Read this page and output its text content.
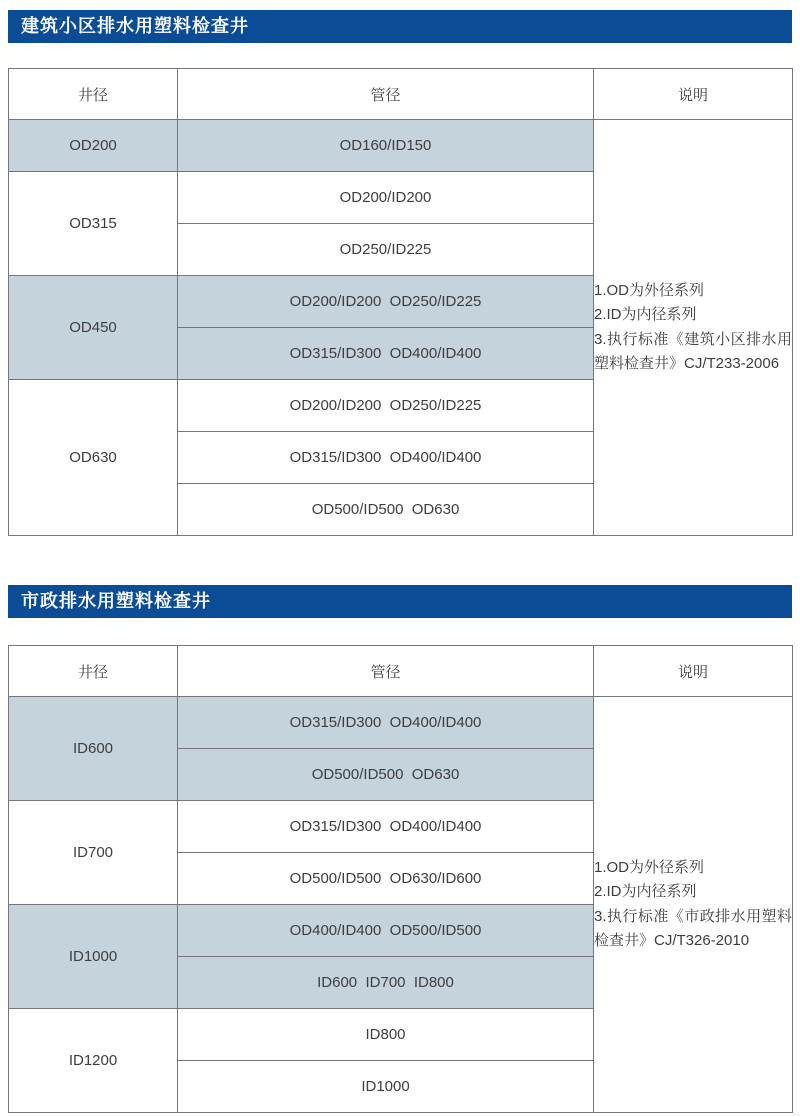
建筑小区排水用塑料检查井
井径	管径	说明
OD200	OD160/ID150	1.OD为外径系列
2.ID为内径系列
3.执行标准《建筑小区排水用塑料检查井》CJ/T233-2006

OD315	OD200/ID200	
	OD250/ID225	
OD450	OD200/ID200  OD250/ID225	
	OD315/ID300  OD400/ID400	
OD630	OD200/ID200  OD250/ID225	
	OD315/ID300  OD400/ID400	
	OD500/ID500  OD630	
市政排水用塑料检查井
井径	管径	说明
ID600	OD315/ID300  OD400/ID400	1.OD为外径系列
2.ID为内径系列
3.执行标准《市政排水用塑料检查井》CJ/T326-2010

	OD500/ID500  OD630	
ID700	OD315/ID300  OD400/ID400	
	OD500/ID500  OD630/ID600	
ID1000	OD400/ID400  OD500/ID500	
	ID600  ID700  ID800	
ID1200	ID800	
	ID1000	
